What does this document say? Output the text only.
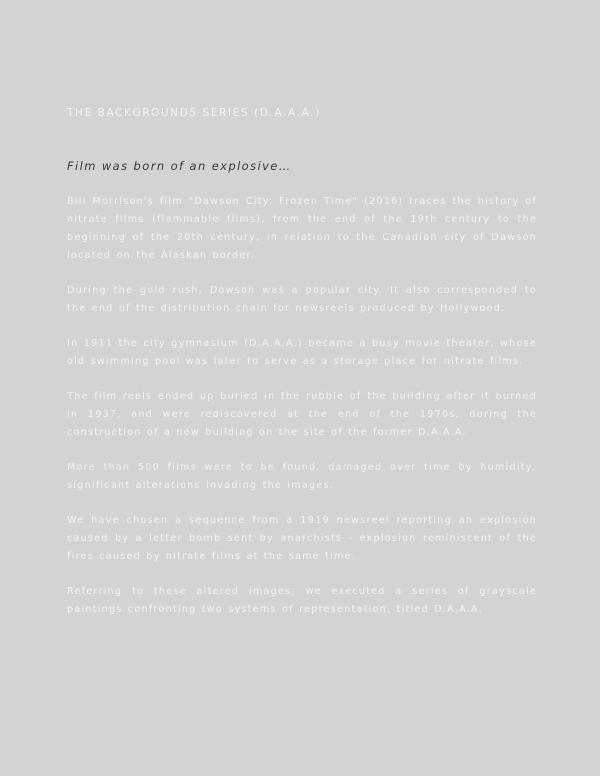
THE BACKGROUNDS SERIES (D.A.A.A.)
Film was born of an explosive…

Bill Morrison's film "Dawson City: Frozen Time" (2016) traces the history of nitrate films (flammable films), from the end of the 19th century to the beginning of the 20th century, in relation to the Canadian city of Dawson located on the Alaskan border.

During the gold rush, Dawson was a popular city. It also corresponded to the end of the distribution chain for newsreels produced by Hollywood.

In 1911 the city gymnasium (D.A.A.A.) became a busy movie theater, whose old swimming pool was later to serve as a storage place for nitrate films.

The film reels ended up buried in the rubble of the building after it burned in 1937, and were rediscovered at the end of the 1970s, during the construction of a new building on the site of the former D.A.A.A.

More than 500 films were to be found, damaged over time by humidity, significant alterations invading the images.

We have chosen a sequence from a 1919 newsreel reporting an explosion caused by a letter bomb sent by anarchists - explosion reminiscent of the fires caused by nitrate films at the same time.

Referring to these altered images, we executed a series of grayscale paintings confronting two systems of representation, titled D.A.A.A.
